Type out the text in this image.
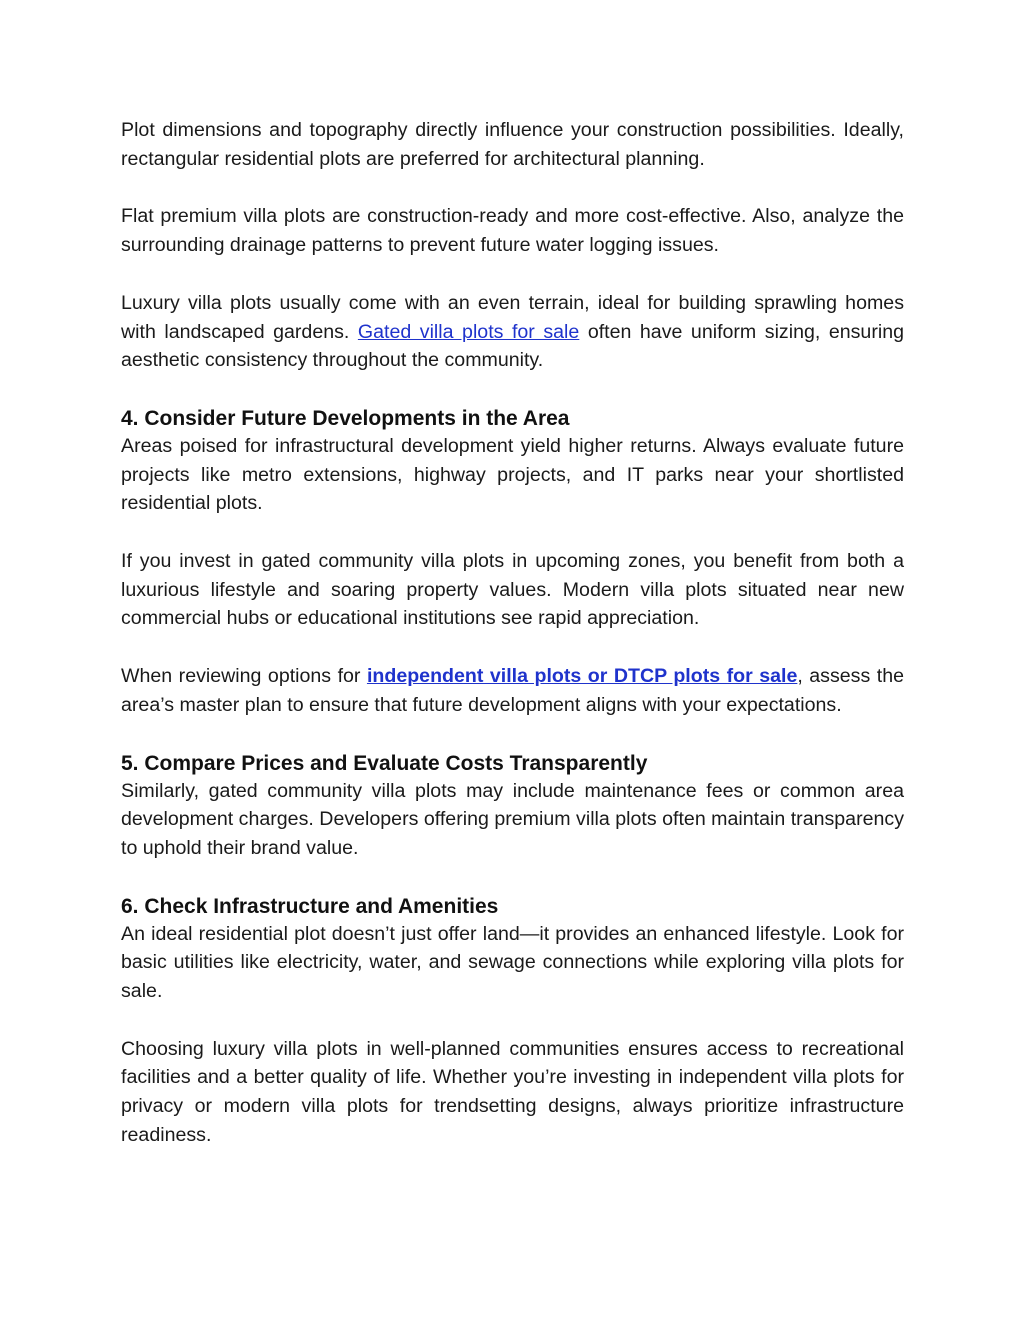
Plot dimensions and topography directly influence your construction possibilities. Ideally, rectangular residential plots are preferred for architectural planning.

Flat premium villa plots are construction-ready and more cost-effective. Also, analyze the surrounding drainage patterns to prevent future water logging issues.

Luxury villa plots usually come with an even terrain, ideal for building sprawling homes with landscaped gardens. Gated villa plots for sale often have uniform sizing, ensuring aesthetic consistency throughout the community.

4. Consider Future Developments in the Area

Areas poised for infrastructural development yield higher returns. Always evaluate future projects like metro extensions, highway projects, and IT parks near your shortlisted residential plots.

If you invest in gated community villa plots in upcoming zones, you benefit from both a luxurious lifestyle and soaring property values. Modern villa plots situated near new commercial hubs or educational institutions see rapid appreciation.

When reviewing options for independent villa plots or DTCP plots for sale, assess the area’s master plan to ensure that future development aligns with your expectations.

5. Compare Prices and Evaluate Costs Transparently

Similarly, gated community villa plots may include maintenance fees or common area development charges. Developers offering premium villa plots often maintain transparency to uphold their brand value.

6. Check Infrastructure and Amenities

An ideal residential plot doesn’t just offer land—it provides an enhanced lifestyle. Look for basic utilities like electricity, water, and sewage connections while exploring villa plots for sale.

Choosing luxury villa plots in well-planned communities ensures access to recreational facilities and a better quality of life. Whether you’re investing in independent villa plots for privacy or modern villa plots for trendsetting designs, always prioritize infrastructure readiness.
